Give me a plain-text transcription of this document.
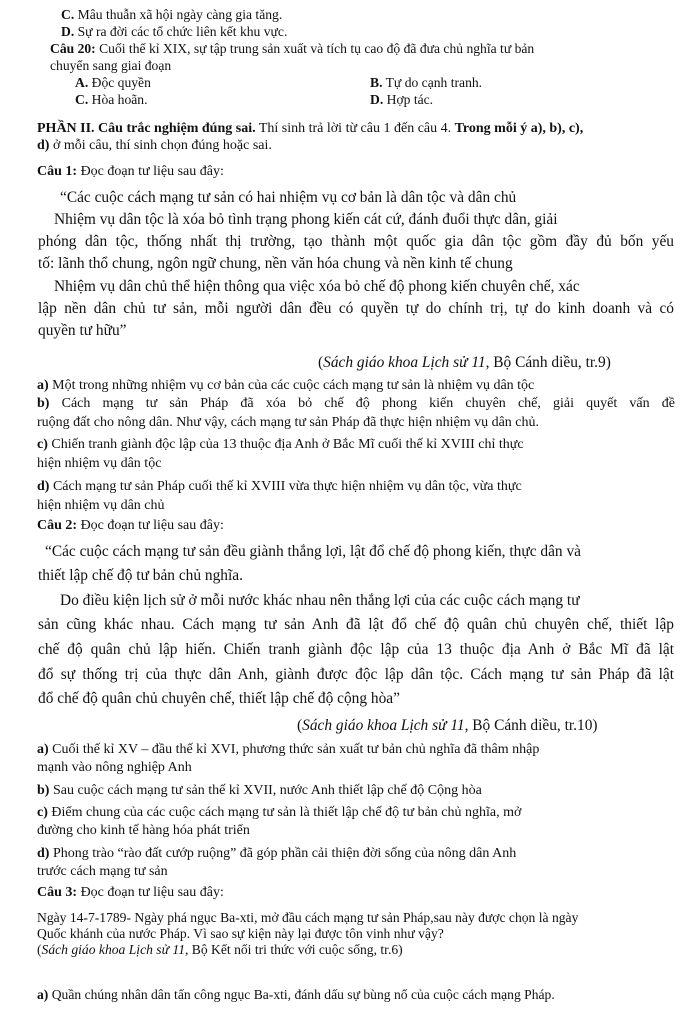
C. Mâu thuẫn xã hội ngày càng gia tăng.
D. Sự ra đời các tổ chức liên kết khu vực.
Câu 20: Cuối thế kỉ XIX, sự tập trung sản xuất và tích tụ cao độ đã đưa chủ nghĩa tư bản
chuyển sang giai đoạn
A. Độc quyền	B. Tự do cạnh tranh.
C. Hòa hoãn.	D. Hợp tác.
PHẦN II. Câu trắc nghiệm đúng sai. Thí sinh trả lời từ câu 1 đến câu 4. Trong mỗi ý a), b), c),
d) ở mỗi câu, thí sinh chọn đúng hoặc sai.
Câu 1: Đọc đoạn tư liệu sau đây:
“Các cuộc cách mạng tư sản có hai nhiệm vụ cơ bản là dân tộc và dân chủ
Nhiệm vụ dân tộc là xóa bỏ tình trạng phong kiến cát cứ, đánh đuổi thực dân, giải
phóng dân tộc, thống nhất thị trường, tạo thành một quốc gia dân tộc gồm đầy đủ bốn yếu
tố: lãnh thổ chung, ngôn ngữ chung, nền văn hóa chung và nền kinh tế chung
Nhiệm vụ dân chủ thể hiện thông qua việc xóa bỏ chế độ phong kiến chuyên chế, xác
lập nền dân chủ tư sản, mỗi người dân đều có quyền tự do chính trị, tự do kinh doanh và có
quyền tư hữu”
(Sách giáo khoa Lịch sử 11, Bộ Cánh diều, tr.9)
a) Một trong những nhiệm vụ cơ bản của các cuộc cách mạng tư sản là nhiệm vụ dân tộc
b) Cách mạng tư sản Pháp đã xóa bỏ chế độ phong kiến chuyên chế, giải quyết vấn đề
ruộng đất cho nông dân. Như vậy, cách mạng tư sản Pháp đã thực hiện nhiệm vụ dân chủ.
c) Chiến tranh giành độc lập của 13 thuộc địa Anh ở Bắc Mĩ cuối thế kỉ XVIII chỉ thực
hiện nhiệm vụ dân tộc
d) Cách mạng tư sản Pháp cuối thế kỉ XVIII vừa thực hiện nhiệm vụ dân tộc, vừa thực
hiện nhiệm vụ dân chủ
Câu 2: Đọc đoạn tư liệu sau đây:
“Các cuộc cách mạng tư sản đều giành thắng lợi, lật đổ chế độ phong kiến, thực dân và
thiết lập chế độ tư bản chủ nghĩa.
Do điều kiện lịch sử ở mỗi nước khác nhau nên thắng lợi của các cuộc cách mạng tư
sản cũng khác nhau. Cách mạng tư sản Anh đã lật đổ chế độ quân chủ chuyên chế, thiết lập
chế độ quân chủ lập hiến. Chiến tranh giành độc lập của 13 thuộc địa Anh ở Bắc Mĩ đã lật
đổ sự thống trị của thực dân Anh, giành được độc lập dân tộc. Cách mạng tư sản Pháp đã lật
đổ chế độ quân chủ chuyên chế, thiết lập chế độ cộng hòa”
(Sách giáo khoa Lịch sử 11, Bộ Cánh diều, tr.10)
a) Cuối thế kỉ XV – đầu thế kỉ XVI, phương thức sản xuất tư bản chủ nghĩa đã thâm nhập
mạnh vào nông nghiệp Anh
b) Sau cuộc cách mạng tư sản thế kỉ XVII, nước Anh thiết lập chế độ Cộng hòa
c) Điểm chung của các cuộc cách mạng tư sản là thiết lập chế độ tư bản chủ nghĩa, mở
đường cho kinh tế hàng hóa phát triển
d) Phong trào “rào đất cướp ruộng” đã góp phần cải thiện đời sống của nông dân Anh
trước cách mạng tư sản
Câu 3: Đọc đoạn tư liệu sau đây:
Ngày 14-7-1789- Ngày phá ngục Ba-xti, mở đầu cách mạng tư sản Pháp,sau này được chọn là ngày
Quốc khánh của nước Pháp. Vì sao sự kiện này lại được tôn vinh như vậy?
(Sách giáo khoa Lịch sử 11, Bộ Kết nối tri thức với cuộc sống, tr.6)
a) Quần chúng nhân dân tấn công ngục Ba-xti, đánh dấu sự bùng nổ của cuộc cách mạng Pháp.
